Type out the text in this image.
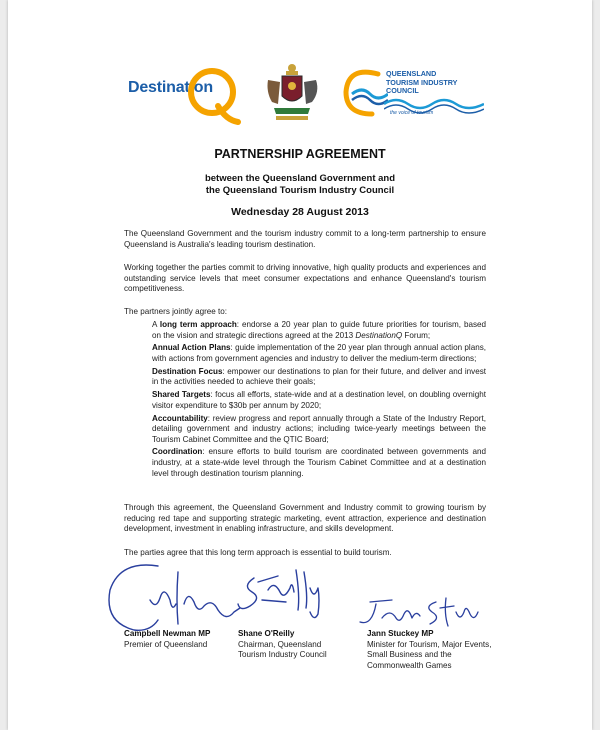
Destination
QUEENSLAND
TOURISM INDUSTRY
COUNCIL
the voice of tourism
PARTNERSHIP AGREEMENT
between the Queensland Government and
the Queensland Tourism Industry Council
Wednesday 28 August 2013

The Queensland Government and the tourism industry commit to a long-term partnership to ensure Queensland is Australia's leading tourism destination.

Working together the parties commit to driving innovative, high quality products and experiences and outstanding service levels that meet consumer expectations and enhance Queensland's tourism competitiveness.

The partners jointly agree to:

A long term approach: endorse a 20 year plan to guide future priorities for tourism, based on the vision and strategic directions agreed at the 2013 DestinationQ Forum;
Annual Action Plans: guide implementation of the 20 year plan through annual action plans, with actions from government agencies and industry to deliver the medium-term directions;
Destination Focus: empower our destinations to plan for their future, and deliver and invest in the activities needed to achieve their goals;
Shared Targets: focus all efforts, state-wide and at a destination level, on doubling overnight visitor expenditure to $30b per annum by 2020;
Accountability: review progress and report annually through a State of the Industry Report, detailing government and industry actions; including twice-yearly meetings between the Tourism Cabinet Committee and the QTIC Board;
Coordination: ensure efforts to build tourism are coordinated between governments and industry, at a state-wide level through the Tourism Cabinet Committee and at a destination level through destination tourism planning.

Through this agreement, the Queensland Government and Industry commit to growing tourism by reducing red tape and supporting strategic marketing, event attraction, experience and destination development, investment in enabling infrastructure, and skills development.

The parties agree that this long term approach is essential to build tourism.

Campbell Newman MP
Premier of Queensland
Shane O'Reilly
Chairman, Queensland
Tourism Industry Council
Jann Stuckey MP
Minister for Tourism, Major Events,
Small Business and the
Commonwealth Games
